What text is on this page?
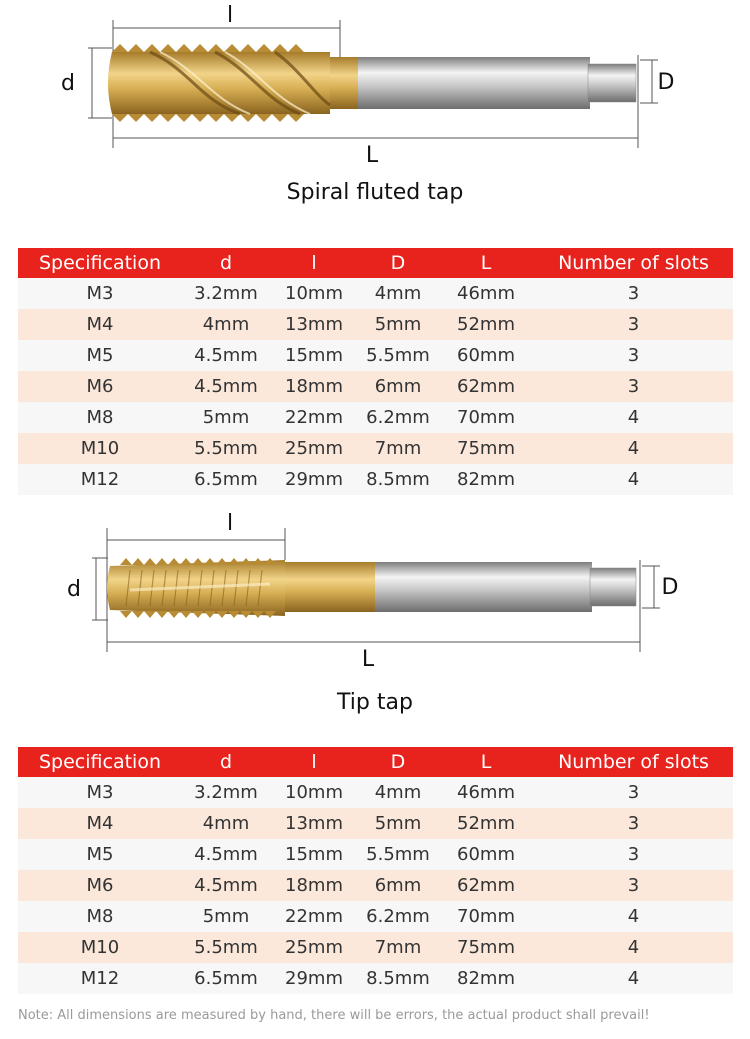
l
d	D
L
Spiral fluted tap
Specification	d	l	D	L	Number of slots
M3	3.2mm	10mm	4mm	46mm	3
M4	4mm	13mm	5mm	52mm	3
M5	4.5mm	15mm	5.5mm	60mm	3
M6	4.5mm	18mm	6mm	62mm	3
M8	5mm	22mm	6.2mm	70mm	4
M10	5.5mm	25mm	7mm	75mm	4
M12	6.5mm	29mm	8.5mm	82mm	4
l
d	D
L
Tip tap
Specification	d	l	D	L	Number of slots
M3	3.2mm	10mm	4mm	46mm	3
M4	4mm	13mm	5mm	52mm	3
M5	4.5mm	15mm	5.5mm	60mm	3
M6	4.5mm	18mm	6mm	62mm	3
M8	5mm	22mm	6.2mm	70mm	4
M10	5.5mm	25mm	7mm	75mm	4
M12	6.5mm	29mm	8.5mm	82mm	4
Note: All dimensions are measured by hand, there will be errors, the actual product shall prevail!
